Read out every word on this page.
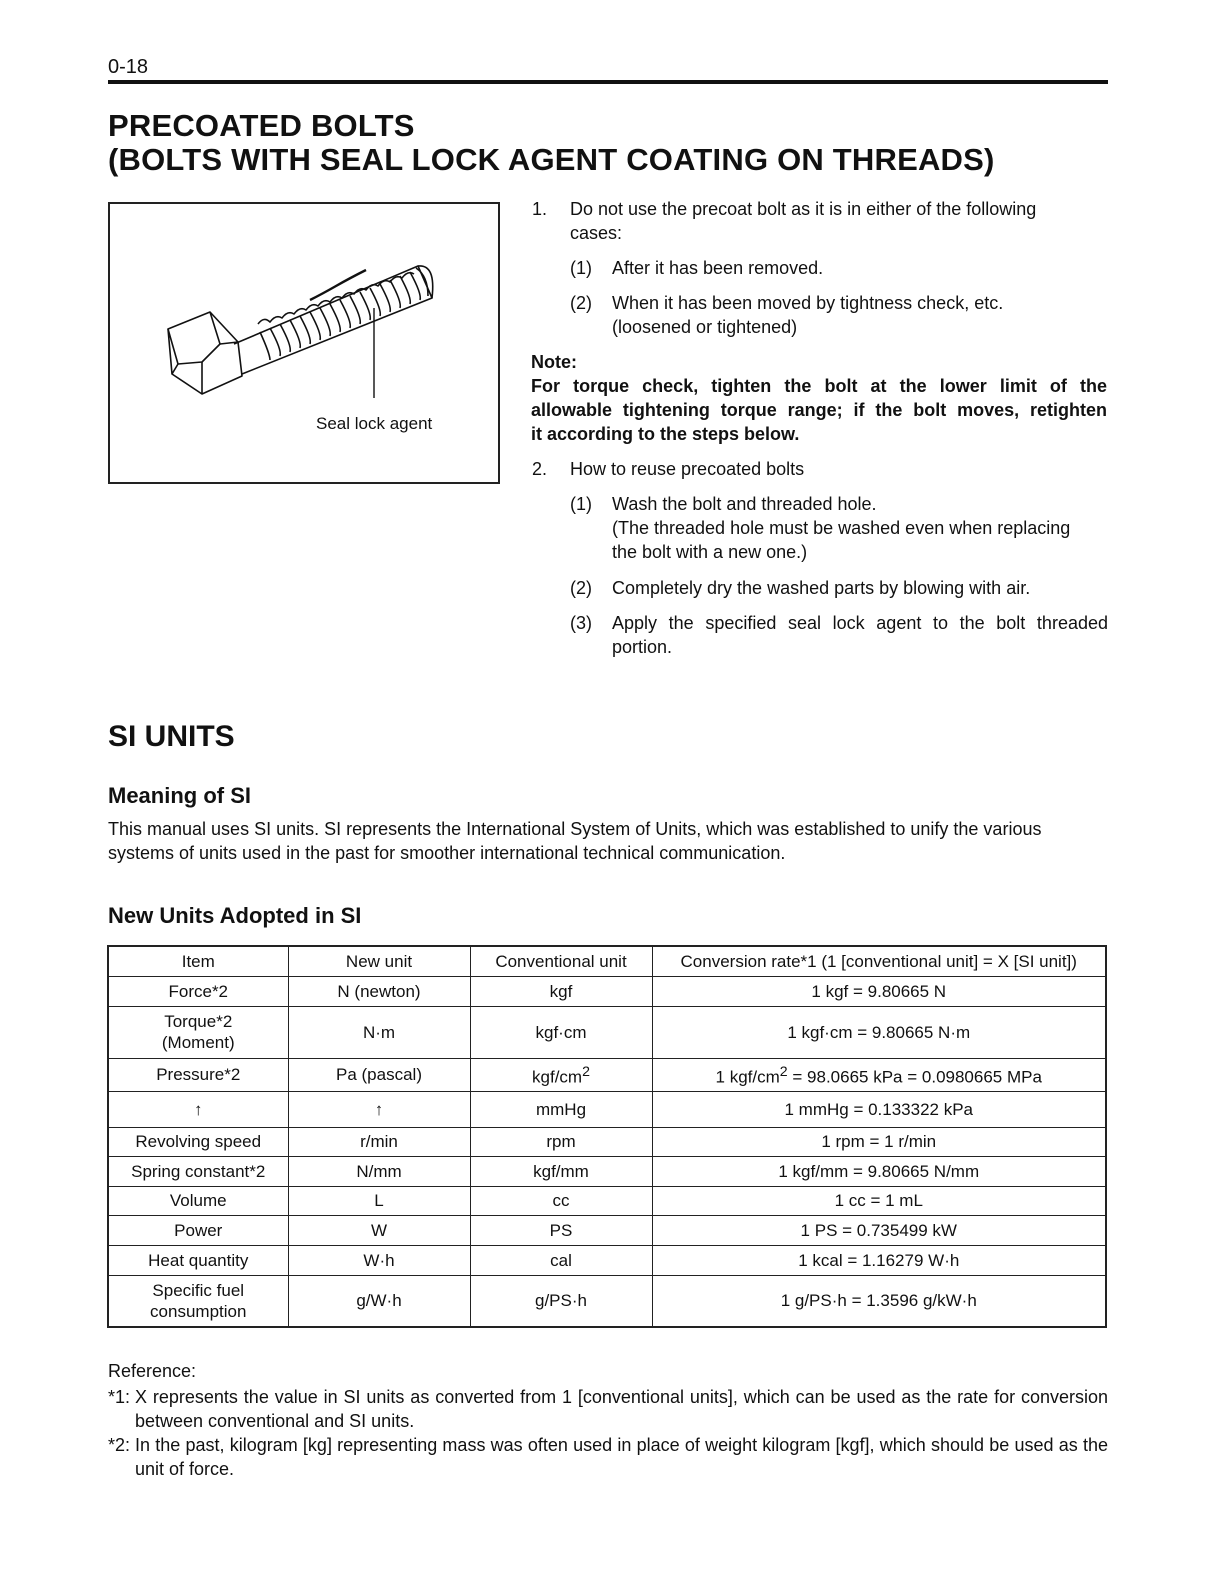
0-18
PRECOATED BOLTS
(BOLTS WITH SEAL LOCK AGENT COATING ON THREADS)
Seal lock agent
1. Do not use the precoat bolt as it is in either of the following
cases:
(1) After it has been removed.
(2) When it has been moved by tightness check, etc.
(loosened or tightened)
Note:
For torque check, tighten the bolt at the lower limit of the
allowable tightening torque range; if the bolt moves, retighten
it according to the steps below.
2. How to reuse precoated bolts
(1) Wash the bolt and threaded hole.
(The threaded hole must be washed even when replacing
the bolt with a new one.)
(2) Completely dry the washed parts by blowing with air.
(3) Apply the specified seal lock agent to the bolt threaded
portion.
SI UNITS
Meaning of SI
This manual uses SI units. SI represents the International System of Units, which was established to unify the various systems of units used in the past for smoother international technical communication.
New Units Adopted in SI
Item	New unit	Conventional unit	Conversion rate*1 (1 [conventional unit] = X [SI unit])
Force*2	N (newton)	kgf	1 kgf = 9.80665 N

Torque*2
(Moment)	N·m	kgf·cm	1 kgf·cm = 9.80665 N·m
Pressure*2	Pa (pascal)	kgf/$cm^2$	1 kgf/$cm^2 = 98.0665$ kPa = 0.0980665 MPa
↑	↑	mmHg	1 mmHg = 0.133322 kPa
Revolving speed	r/min	rpm	1 rpm = 1 r/min
Spring constant*2	N/mm	kgf/mm	1 kgf/mm = 9.80665 N/mm
Volume	L	cc	1 cc = 1 mL
Power	W	PS	1 PS = 0.735499 kW
Heat quantity	W·h	cal	1 kcal = 1.16279 W·h

Specific fuel
consumption	g/W·h	g/PS·h	1 g/PS·h = 1.3596 g/kW·h
Reference:
*1: X represents the value in SI units as converted from 1 [conventional units], which can be used as the rate for conversion between conventional and SI units.
*2: In the past, kilogram [kg] representing mass was often used in place of weight kilogram [kgf], which should be used as the unit of force.
